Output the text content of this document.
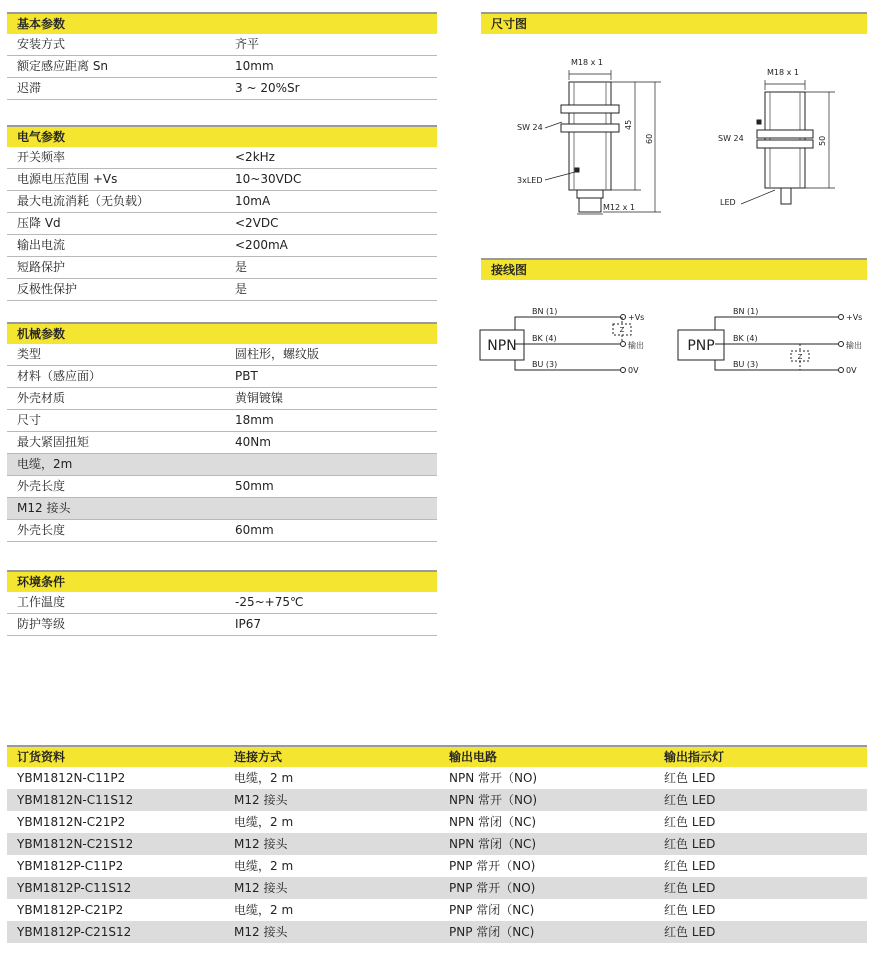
基本参数
安装方式	齐平
额定感应距离 Sn	10mm
迟滞	3 ~ 20%Sr
电气参数
开关频率	<2kHz
电源电压范围 +Vs	10~30VDC
最大电流消耗（无负载）	10mA
压降 Vd	<2VDC
输出电流	<200mA
短路保护	是
反极性保护	是
机械参数
类型	圆柱形，螺纹版
材料（感应面）	PBT
外壳材质	黄铜镀镍
尺寸	18mm
最大紧固扭矩	40Nm
电缆，2m
外壳长度	50mm
M12 接头
外壳长度	60mm
环境条件
工作温度	-25~+75℃
防护等级	IP67
尺寸图
M18 x 1
SW 24
3xLED
M12 x 1
45
60
M18 x 1
SW 24
LED
50
接线图
NPN
BN (1)
BK (4)
BU (3)
Z
+Vs
输出
0V
PNP
BN (1)
BK (4)
BU (3)
Z
+Vs
输出
0V
订货资料	连接方式	输出电路	输出指示灯
YBM1812N-C11P2	电缆，2 m	NPN 常开（NO)	红色 LED
YBM1812N-C11S12	M12 接头	NPN 常开（NO)	红色 LED
YBM1812N-C21P2	电缆，2 m	NPN 常闭（NC)	红色 LED
YBM1812N-C21S12	M12 接头	NPN 常闭（NC)	红色 LED
YBM1812P-C11P2	电缆，2 m	PNP 常开（NO)	红色 LED
YBM1812P-C11S12	M12 接头	PNP 常开（NO)	红色 LED
YBM1812P-C21P2	电缆，2 m	PNP 常闭（NC)	红色 LED
YBM1812P-C21S12	M12 接头	PNP 常闭（NC)	红色 LED
